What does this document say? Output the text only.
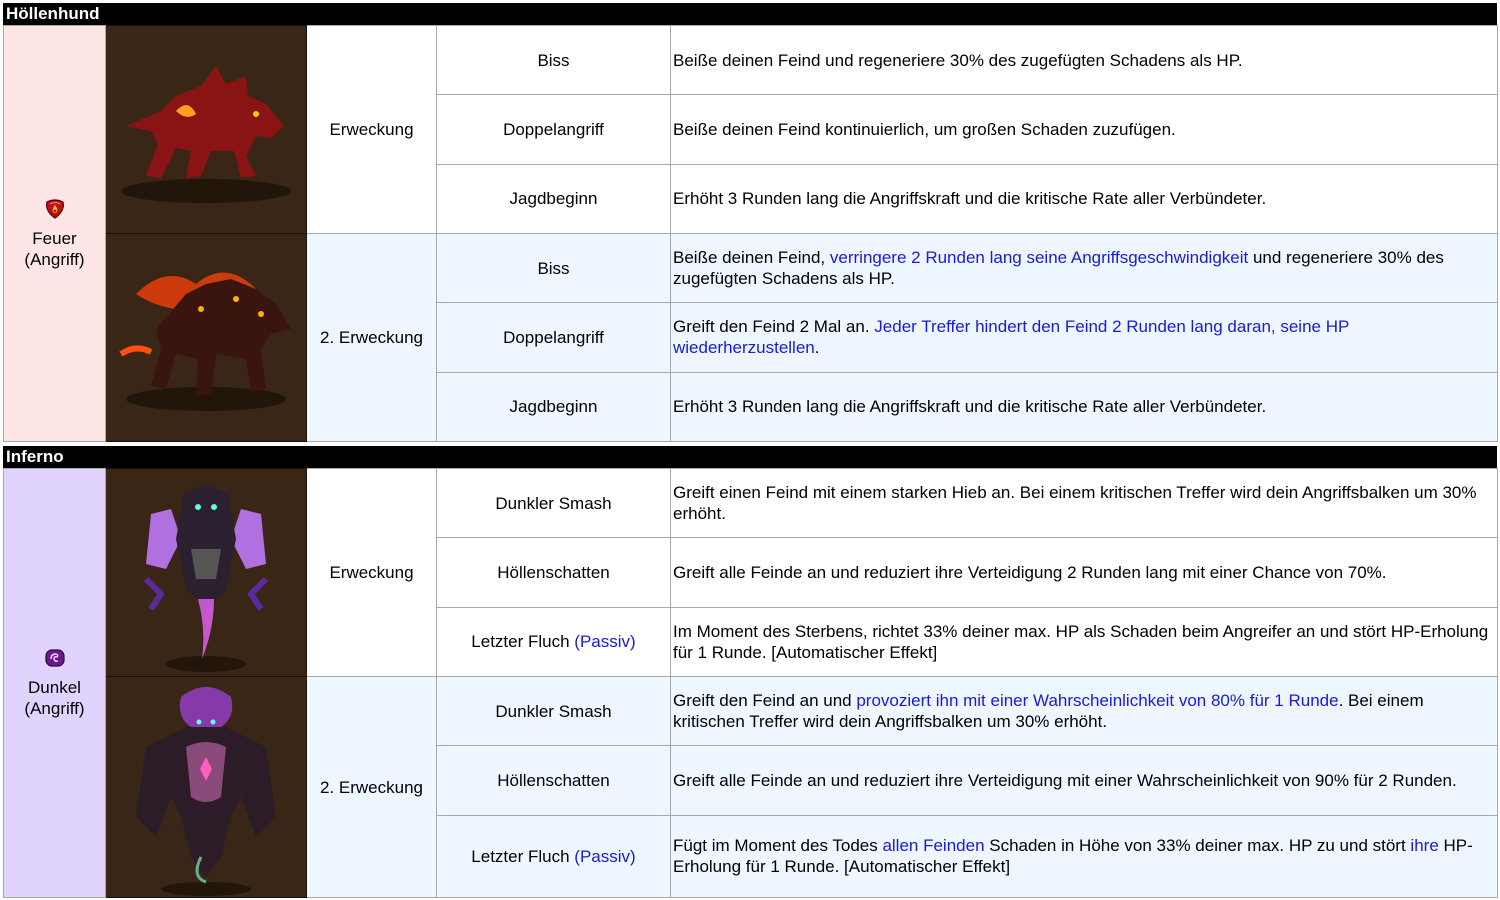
Höllenhund
Feuer
(Angriff)		Erweckung	Biss	Beiße deinen Feind und regeneriere 30% des zugefügten Schadens als HP.
			Doppelangriff	Beiße deinen Feind kontinuierlich, um großen Schaden zuzufügen.
			Jagdbeginn	Erhöht 3 Runden lang die Angriffskraft und die kritische Rate aller Verbündeter.

	2. Erweckung	Biss	Beiße deinen Feind, verringere 2 Runden lang seine Angriffsgeschwindigkeit und regeneriere 30% des zugefügten Schadens als HP.
			Doppelangriff	Greift den Feind 2 Mal an. Jeder Treffer hindert den Feind 2 Runden lang daran, seine HP wiederherzustellen.
			Jagdbeginn	Erhöht 3 Runden lang die Angriffskraft und die kritische Rate aller Verbündeter.
Inferno
Dunkel
(Angriff)		Erweckung	Dunkler Smash	Greift einen Feind mit einem starken Hieb an. Bei einem kritischen Treffer wird dein Angriffsbalken um 30% erhöht.
			Höllenschatten	Greift alle Feinde an und reduziert ihre Verteidigung 2 Runden lang mit einer Chance von 70%.
			Letzter Fluch (Passiv)	Im Moment des Sterbens, richtet 33% deiner max. HP als Schaden beim Angreifer an und stört HP-Erholung für 1 Runde. [Automatischer Effekt]

	2. Erweckung	Dunkler Smash	Greift den Feind an und provoziert ihn mit einer Wahrscheinlichkeit von 80% für 1 Runde. Bei einem kritischen Treffer wird dein Angriffsbalken um 30% erhöht.
			Höllenschatten	Greift alle Feinde an und reduziert ihre Verteidigung mit einer Wahrscheinlichkeit von 90% für 2 Runden.
			Letzter Fluch (Passiv)	Fügt im Moment des Todes allen Feinden Schaden in Höhe von 33% deiner max. HP zu und stört ihre HP-Erholung für 1 Runde. [Automatischer Effekt]
